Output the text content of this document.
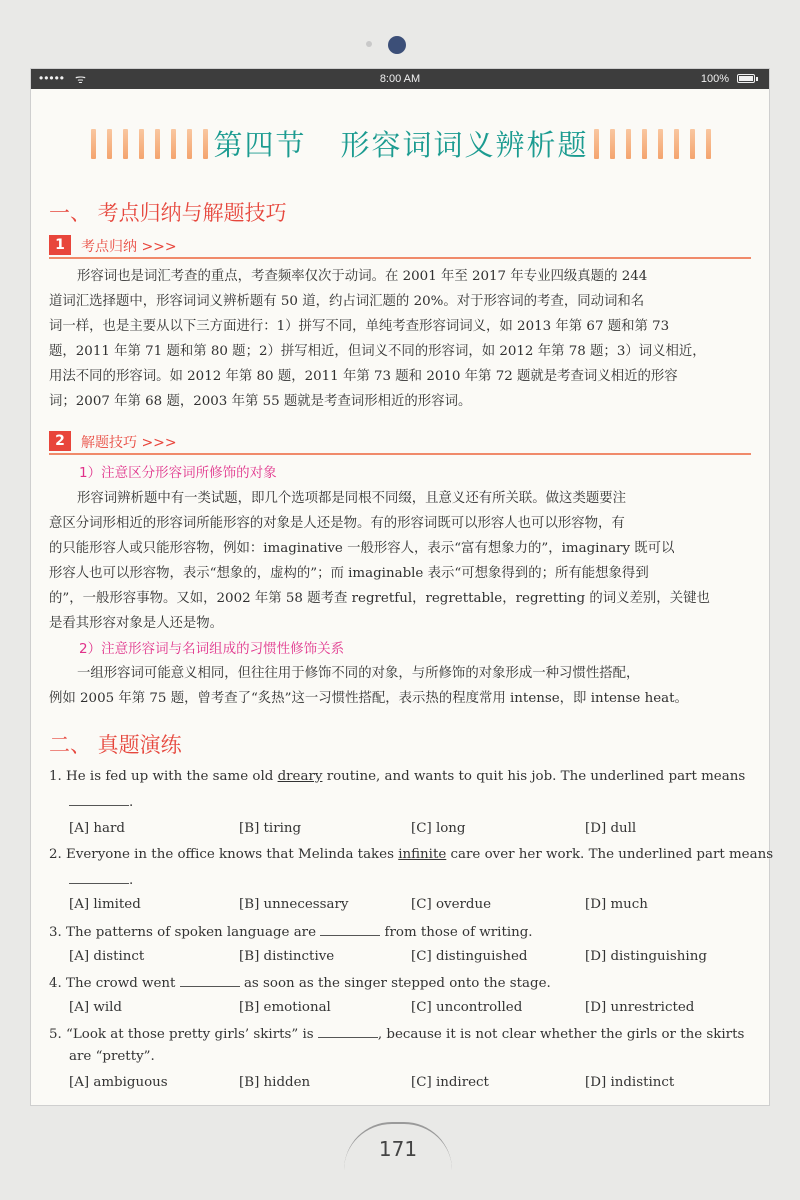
••••• ᯤ	8:00 AM	100%
第四节 形容词词义辨析题
一、 考点归纳与解题技巧
1	考点归纳 >>>
形容词也是词汇考查的重点，考查频率仅次于动词。在 2001 年至 2017 年专业四级真题的 244
道词汇选择题中，形容词词义辨析题有 50 道，约占词汇题的 20%。对于形容词的考查，同动词和名
词一样，也是主要从以下三方面进行：1）拼写不同，单纯考查形容词词义，如 2013 年第 67 题和第 73
题，2011 年第 71 题和第 80 题；2）拼写相近，但词义不同的形容词，如 2012 年第 78 题；3）词义相近，
用法不同的形容词。如 2012 年第 80 题，2011 年第 73 题和 2010 年第 72 题就是考查词义相近的形容
词；2007 年第 68 题，2003 年第 55 题就是考查词形相近的形容词。
2	解题技巧 >>>
1）注意区分形容词所修饰的对象
形容词辨析题中有一类试题，即几个选项都是同根不同缀，且意义还有所关联。做这类题要注
意区分词形相近的形容词所能形容的对象是人还是物。有的形容词既可以形容人也可以形容物，有
的只能形容人或只能形容物，例如：imaginative 一般形容人，表示“富有想象力的”，imaginary 既可以
形容人也可以形容物，表示“想象的，虚构的”；而 imaginable 表示“可想象得到的；所有能想象得到
的”，一般形容事物。又如，2002 年第 58 题考查 regretful，regrettable，regretting 的词义差别，关键也
是看其形容对象是人还是物。
2）注意形容词与名词组成的习惯性修饰关系
一组形容词可能意义相同，但往往用于修饰不同的对象，与所修饰的对象形成一种习惯性搭配，
例如 2005 年第 75 题，曾考查了“炙热”这一习惯性搭配，表示热的程度常用 intense，即 intense heat。
二、 真题演练
1. He is fed up with the same old dreary routine, and wants to quit his job. The underlined part means
.
[A] hard	[B] tiring	[C] long	[D] dull
2. Everyone in the office knows that Melinda takes infinite care over her work. The underlined part means
.
[A] limited	[B] unnecessary	[C] overdue	[D] much
3. The patterns of spoken language are	from those of writing.
[A] distinct	[B] distinctive	[C] distinguished	[D] distinguishing
4. The crowd went	as soon as the singer stepped onto the stage.
[A] wild	[B] emotional	[C] uncontrolled	[D] unrestricted
5. “Look at those pretty girls’ skirts” is	, because it is not clear whether the girls or the skirts
are “pretty”.
[A] ambiguous	[B] hidden	[C] indirect	[D] indistinct
171
